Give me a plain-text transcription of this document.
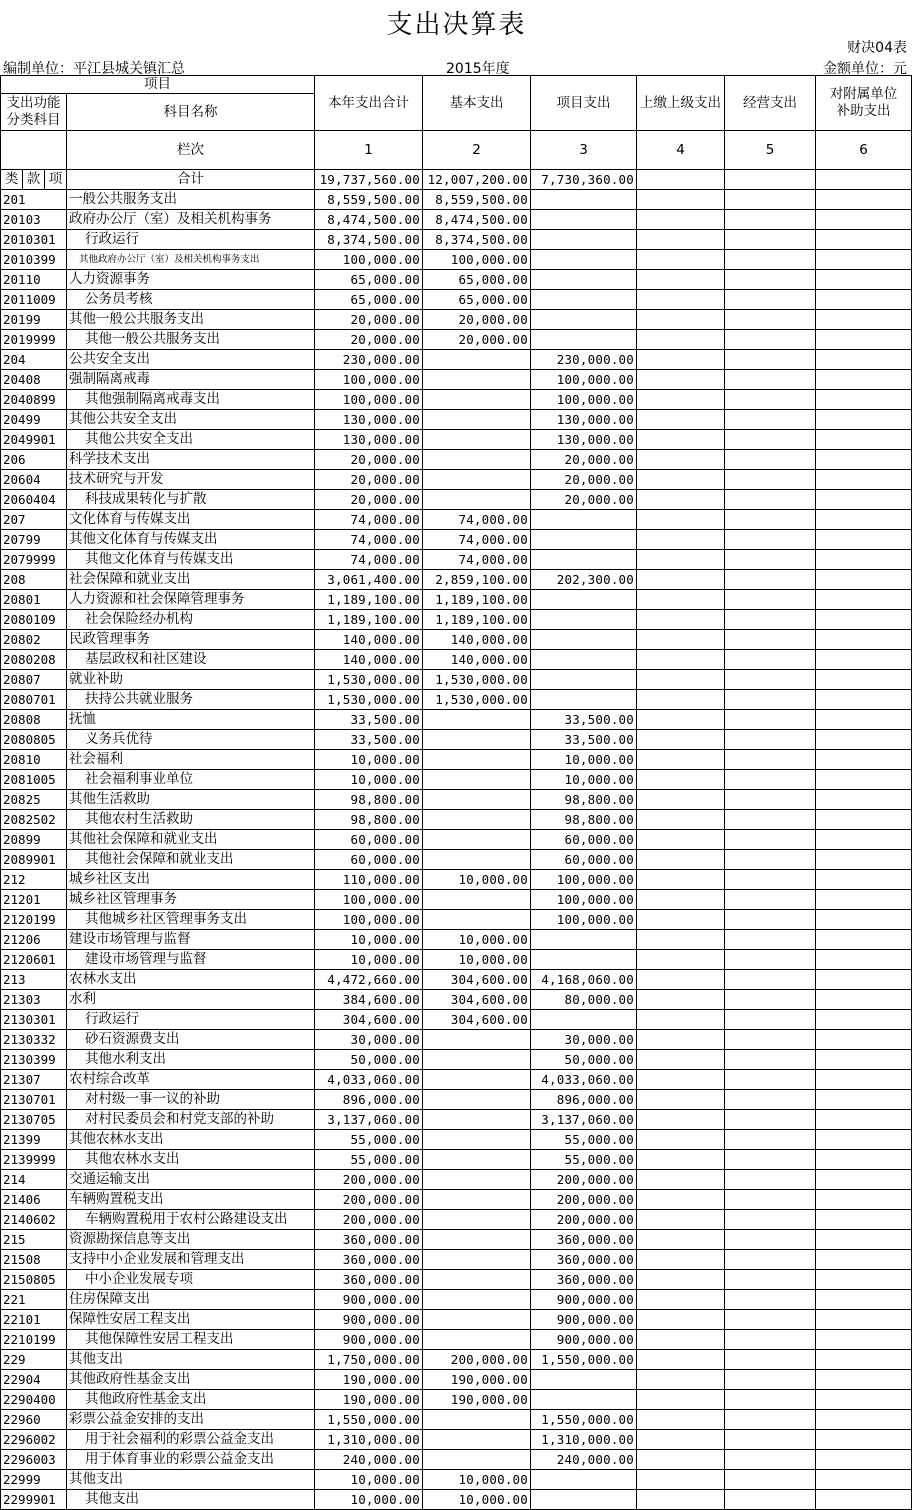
支出决算表
财决04表
编制单位：平江县城关镇汇总	2015年度	金额单位：元
项目				本年支出合计	基本支出	项目支出	上缴上级支出	经营支出	对附属单位补助支出
支出功能分类科目			科目名称						

			栏次	1	2	3	4	5	6
类	款	项	合计	19,737,560.00	12,007,200.00	7,730,360.00			
201			一般公共服务支出	8,559,500.00	8,559,500.00				
20103			政府办公厅（室）及相关机构事务	8,474,500.00	8,474,500.00				
2010301			行政运行	8,374,500.00	8,374,500.00				
2010399			其他政府办公厅（室）及相关机构事务支出	100,000.00	100,000.00				
20110			人力资源事务	65,000.00	65,000.00				
2011009			公务员考核	65,000.00	65,000.00				
20199			其他一般公共服务支出	20,000.00	20,000.00				
2019999			其他一般公共服务支出	20,000.00	20,000.00				
204			公共安全支出	230,000.00		230,000.00			
20408			强制隔离戒毒	100,000.00		100,000.00			
2040899			其他强制隔离戒毒支出	100,000.00		100,000.00			
20499			其他公共安全支出	130,000.00		130,000.00			
2049901			其他公共安全支出	130,000.00		130,000.00			
206			科学技术支出	20,000.00		20,000.00			
20604			技术研究与开发	20,000.00		20,000.00			
2060404			科技成果转化与扩散	20,000.00		20,000.00			
207			文化体育与传媒支出	74,000.00	74,000.00				
20799			其他文化体育与传媒支出	74,000.00	74,000.00				
2079999			其他文化体育与传媒支出	74,000.00	74,000.00				
208			社会保障和就业支出	3,061,400.00	2,859,100.00	202,300.00			
20801			人力资源和社会保障管理事务	1,189,100.00	1,189,100.00				
2080109			社会保险经办机构	1,189,100.00	1,189,100.00				
20802			民政管理事务	140,000.00	140,000.00				
2080208			基层政权和社区建设	140,000.00	140,000.00				
20807			就业补助	1,530,000.00	1,530,000.00				
2080701			扶持公共就业服务	1,530,000.00	1,530,000.00				
20808			抚恤	33,500.00		33,500.00			
2080805			义务兵优待	33,500.00		33,500.00			
20810			社会福利	10,000.00		10,000.00			
2081005			社会福利事业单位	10,000.00		10,000.00			
20825			其他生活救助	98,800.00		98,800.00			
2082502			其他农村生活救助	98,800.00		98,800.00			
20899			其他社会保障和就业支出	60,000.00		60,000.00			
2089901			其他社会保障和就业支出	60,000.00		60,000.00			
212			城乡社区支出	110,000.00	10,000.00	100,000.00			
21201			城乡社区管理事务	100,000.00		100,000.00			
2120199			其他城乡社区管理事务支出	100,000.00		100,000.00			
21206			建设市场管理与监督	10,000.00	10,000.00				
2120601			建设市场管理与监督	10,000.00	10,000.00				
213			农林水支出	4,472,660.00	304,600.00	4,168,060.00			
21303			水利	384,600.00	304,600.00	80,000.00			
2130301			行政运行	304,600.00	304,600.00				
2130332			砂石资源费支出	30,000.00		30,000.00			
2130399			其他水利支出	50,000.00		50,000.00			
21307			农村综合改革	4,033,060.00		4,033,060.00			
2130701			对村级一事一议的补助	896,000.00		896,000.00			
2130705			对村民委员会和村党支部的补助	3,137,060.00		3,137,060.00			
21399			其他农林水支出	55,000.00		55,000.00			
2139999			其他农林水支出	55,000.00		55,000.00			
214			交通运输支出	200,000.00		200,000.00			
21406			车辆购置税支出	200,000.00		200,000.00			
2140602			车辆购置税用于农村公路建设支出	200,000.00		200,000.00			
215			资源勘探信息等支出	360,000.00		360,000.00			
21508			支持中小企业发展和管理支出	360,000.00		360,000.00			
2150805			中小企业发展专项	360,000.00		360,000.00			
221			住房保障支出	900,000.00		900,000.00			
22101			保障性安居工程支出	900,000.00		900,000.00			
2210199			其他保障性安居工程支出	900,000.00		900,000.00			
229			其他支出	1,750,000.00	200,000.00	1,550,000.00			
22904			其他政府性基金支出	190,000.00	190,000.00				
2290400			其他政府性基金支出	190,000.00	190,000.00				
22960			彩票公益金安排的支出	1,550,000.00		1,550,000.00			
2296002			用于社会福利的彩票公益金支出	1,310,000.00		1,310,000.00			
2296003			用于体育事业的彩票公益金支出	240,000.00		240,000.00			
22999			其他支出	10,000.00	10,000.00				
2299901			其他支出	10,000.00	10,000.00				
